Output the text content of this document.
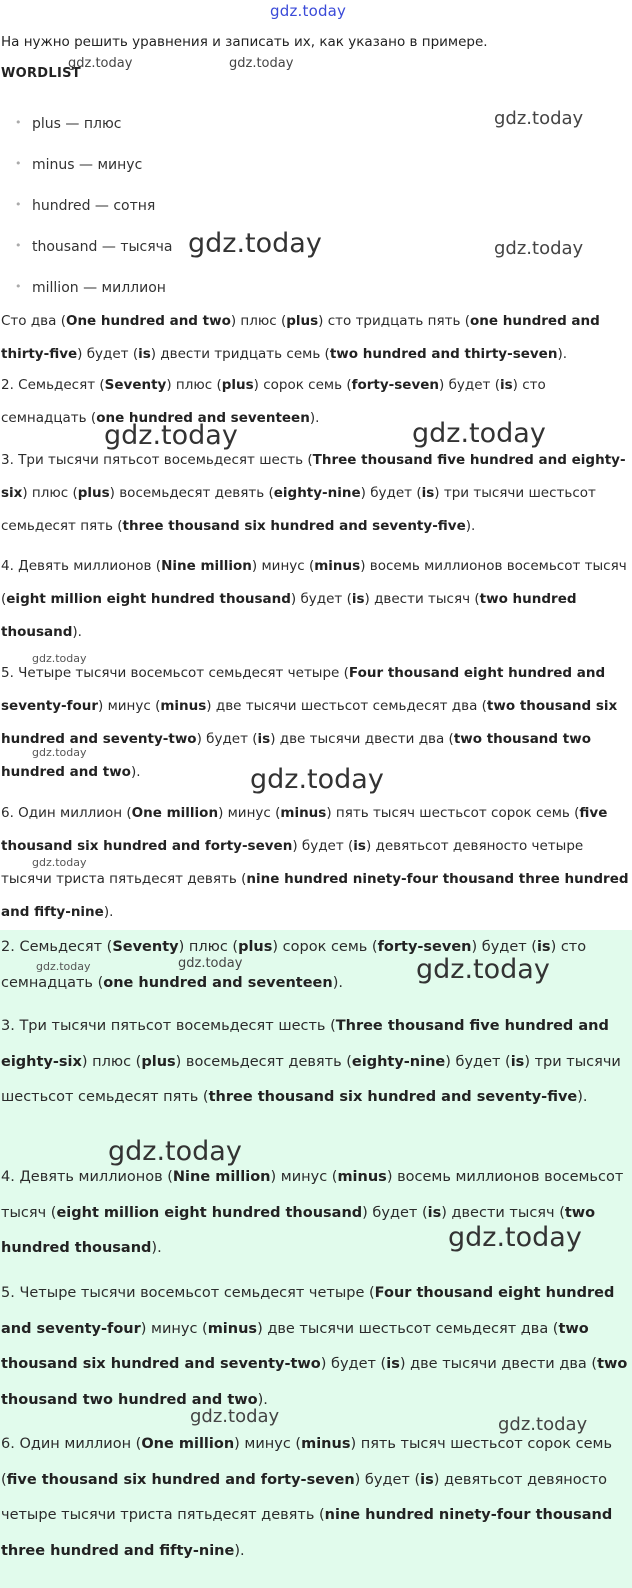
gdz.today
На нужно решить уравнения и записать их, как указано в примере.
WORDLIST
• plus — плюс
• minus — минус
• hundred — сотня
• thousand — тысяча
• million — миллион

Сто два (One hundred and two) плюс (plus) сто тридцать пять (one hundred and thirty-five) будет (is) двести тридцать семь (two hundred and thirty-seven).

2. Семьдесят (Seventy) плюс (plus) сорок семь (forty-seven) будет (is) сто семнадцать (one hundred and seventeen).

3. Три тысячи пятьсот восемьдесят шесть (Three thousand five hundred and eighty-six) плюс (plus) восемьдесят девять (eighty-nine) будет (is) три тысячи шестьсот семьдесят пять (three thousand six hundred and seventy-five).

4. Девять миллионов (Nine million) минус (minus) восемь миллионов восемьсот тысяч (eight million eight hundred thousand) будет (is) двести тысяч (two hundred thousand).

5. Четыре тысячи восемьсот семьдесят четыре (Four thousand eight hundred and seventy-four) минус (minus) две тысячи шестьсот семьдесят два (two thousand six hundred and seventy-two) будет (is) две тысячи двести два (two thousand two hundred and two).

6. Один миллион (One million) минус (minus) пять тысяч шестьсот сорок семь (five thousand six hundred and forty-seven) будет (is) девятьсот девяносто четыре тысячи триста пятьдесят девять (nine hundred ninety-four thousand three hundred and fifty-nine).

2. Семьдесят (Seventy) плюс (plus) сорок семь (forty-seven) будет (is) сто семнадцать (one hundred and seventeen).

3. Три тысячи пятьсот восемьдесят шесть (Three thousand five hundred and eighty-six) плюс (plus) восемьдесят девять (eighty-nine) будет (is) три тысячи шестьсот семьдесят пять (three thousand six hundred and seventy-five).

4. Девять миллионов (Nine million) минус (minus) восемь миллионов восемьсот тысяч (eight million eight hundred thousand) будет (is) двести тысяч (two hundred thousand).

5. Четыре тысячи восемьсот семьдесят четыре (Four thousand eight hundred and seventy-four) минус (minus) две тысячи шестьсот семьдесят два (two thousand six hundred and seventy-two) будет (is) две тысячи двести два (two thousand two hundred and two).

6. Один миллион (One million) минус (minus) пять тысяч шестьсот сорок семь (five thousand six hundred and forty-seven) будет (is) девятьсот девяносто четыре тысячи триста пятьдесят девять (nine hundred ninety-four thousand three hundred and fifty-nine).

gdz.today	gdz.today
gdz.today
gdz.today	gdz.today
gdz.today	gdz.today
gdz.today
gdz.today
gdz.today
gdz.today
gdz.today	gdz.today	gdz.today
gdz.today
gdz.today
gdz.today	gdz.today
